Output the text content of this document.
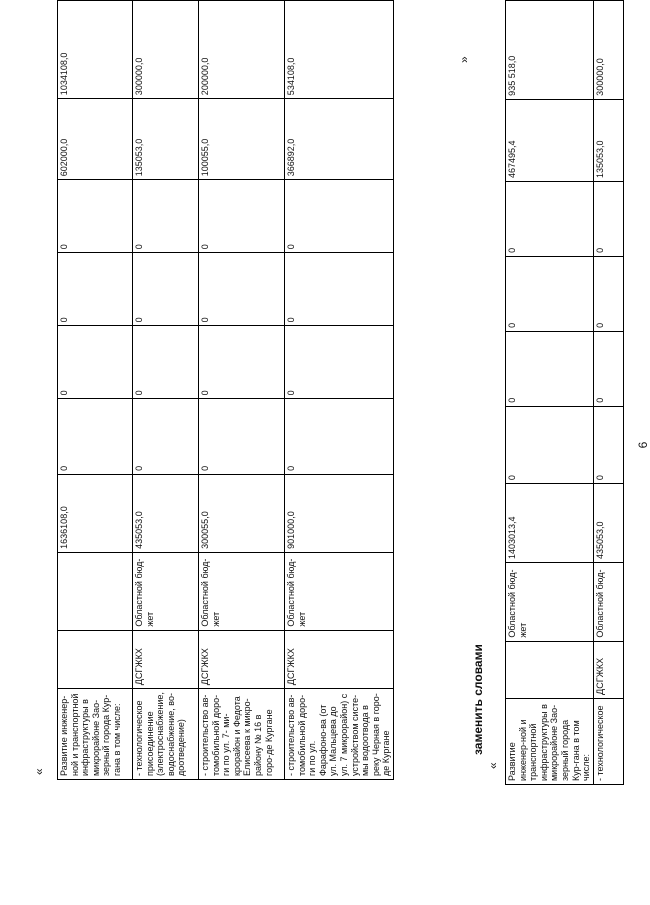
« Развитие инженер-ной и транспортной инфраструктуры в микрорайоне Зао-зерный города Кур-гана в том числе:			1636108,0	0	0	0	0	602000,0	1034108,0
- технологическое присоединение (электроснабжение, водоснабжение, во-доотведение)	ДСГЖКХ	Областной бюд-жет	435053,0	0	0	0	0	135053,0	300000,0
- строительство ав-томобильной доро-ги по ул. 7- ми-крорайон и Федота Елисеева к микро-району № 16 в горо-де Кургане	ДСГЖКХ	Областной бюд-жет	300055,0	0	0	0	0	100055,0	200000,0
- строительство ав-томобильной доро-ги по ул. Фарафоно-ва (от ул. Мальцева до ул. 7 микрорайон) с устройством систе-мы водоотвода в реку Черная в горо-де Кургане	ДСГЖКХ	Областной бюд-жет	901000,0	0	0	0	0	366892,0	534108,0	»
заменить словами
« Развитие инженер-ной и транспортной инфраструктуры в микрорайоне Зао-зерный города Кур-гана в том числе:		Областной бюд-жет	1403013,4	0	0	0	0	467495,4	935 518,0
- технологическое	ДСГЖКХ	Областной бюд-	435053,0	0	0	0	0	135053,0	300000,0
6
